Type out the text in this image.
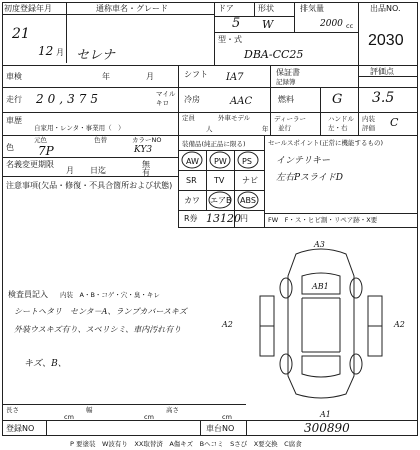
初度登録年月	通称車名・グレード	ドア	形状	排気量	出品NO.
21
12 月 セレナ
5 W	2000 cc
型・式
DBA-CC25
2030
車検	年	月	シフト IA7	保証書
記録簿
評価点
3.5
走行 20,375	マイル
キロ 冷房	AAC	燃料	G
車歴
自家用・レンタ・事業用（　）
定員
人
外車モデル
年
ディーラー
並行
ハンドル
左・右
内装
評価 C
色
元色	色替	カラーNO
7P	KY3
名義変更期限
月 日迄
無
有
注意事項(欠品・修復・不具合箇所および状態)
装備品(純正品に限る)
AW PW PS
SR TV ナビ
カワ エアB ABS
R券 13120 円
セールスポイント(正常に機能するもの)
インテリキー
左右PスライドD
FW　F・ス・ヒビ割・リペア跡・X要
検査員記入 内装　A・B・コゲ・穴・臭・キレ
シートヘタリ　センタ－A、ランプカバースキズ
外装ウスキズ有り、スベリシミ、車内汚れ有り
キズ、B、
A3
AB1
A2	A2
A1
長さ
cm
幅
cm
高さ
cm
登録NO	車台NO	300890
P 要塗装　W波有り　XX取替済　A傷キズ　Bヘコミ　Sさび　X要交換　C腐食
